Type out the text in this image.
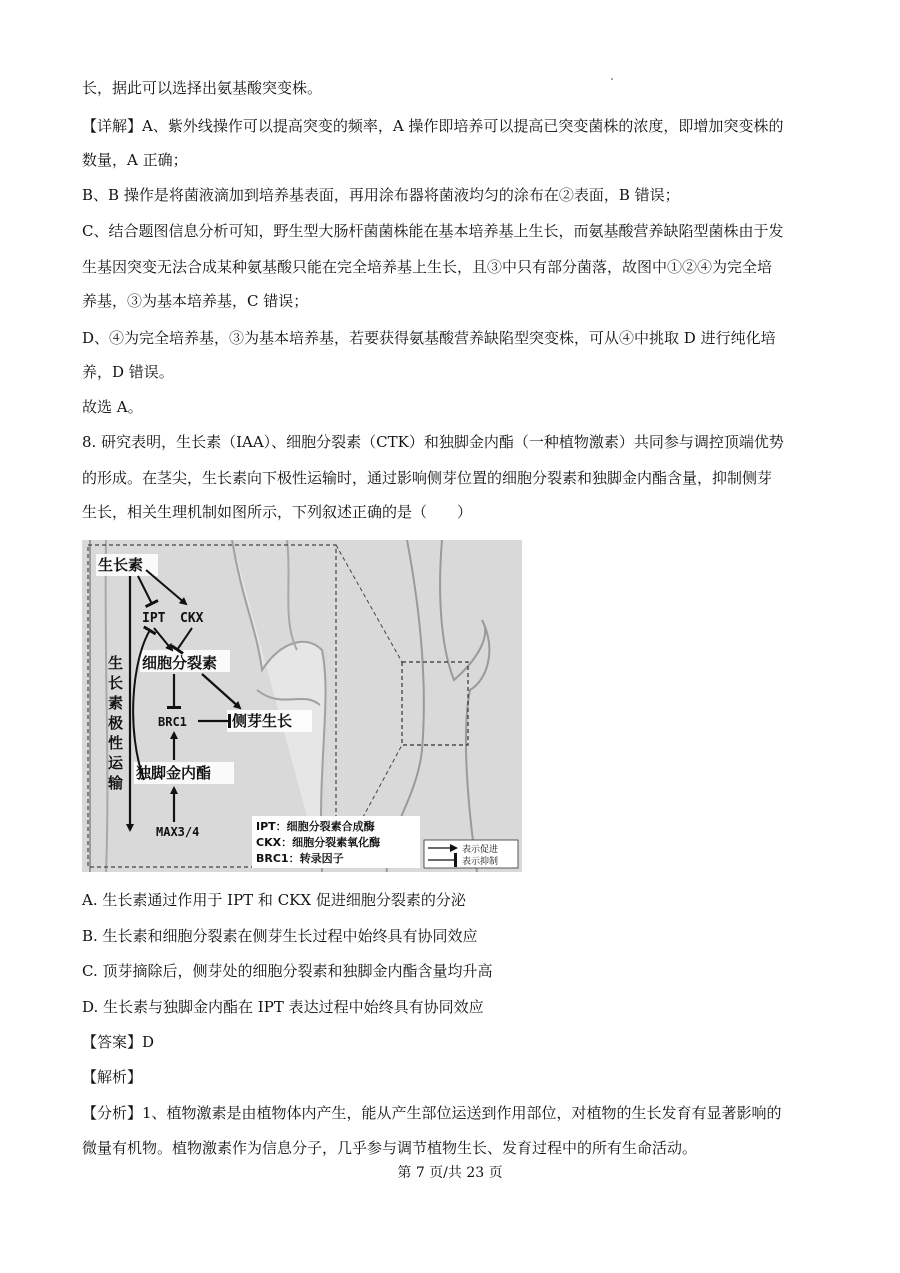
长，据此可以选择出氨基酸突变株。
【详解】A、紫外线操作可以提高突变的频率，A 操作即培养可以提高已突变菌株的浓度，即增加突变株的
数量，A 正确；
B、B 操作是将菌液滴加到培养基表面，再用涂布器将菌液均匀的涂布在②表面，B 错误；
C、结合题图信息分析可知，野生型大肠杆菌菌株能在基本培养基上生长，而氨基酸营养缺陷型菌株由于发
生基因突变无法合成某种氨基酸只能在完全培养基上生长，且③中只有部分菌落，故图中①②④为完全培
养基，③为基本培养基，C 错误；
D、④为完全培养基，③为基本培养基，若要获得氨基酸营养缺陷型突变株，可从④中挑取 D 进行纯化培
养，D 错误。
故选 A。
8. 研究表明，生长素（IAA）、细胞分裂素（CTK）和独脚金内酯（一种植物激素）共同参与调控顶端优势
的形成。在茎尖，生长素向下极性运输时，通过影响侧芽位置的细胞分裂素和独脚金内酯含量，抑制侧芽
生长，相关生理机制如图所示，下列叙述正确的是（　　）
生长素
IPT CKX
细胞分裂素
BRC1	侧芽生长
独脚金内酯
MAX3/4
生
长
素
极
性
运
输
IPT：细胞分裂素合成酶
CKX：细胞分裂素氧化酶
BRC1：转录因子
表示促进
表示抑制
A. 生长素通过作用于 IPT 和 CKX 促进细胞分裂素的分泌
B. 生长素和细胞分裂素在侧芽生长过程中始终具有协同效应
C. 顶芽摘除后，侧芽处的细胞分裂素和独脚金内酯含量均升高
D. 生长素与独脚金内酯在 IPT 表达过程中始终具有协同效应
【答案】D
【解析】
【分析】1、植物激素是由植物体内产生，能从产生部位运送到作用部位，对植物的生长发育有显著影响的
微量有机物。植物激素作为信息分子，几乎参与调节植物生长、发育过程中的所有生命活动。
第 7 页/共 23 页
